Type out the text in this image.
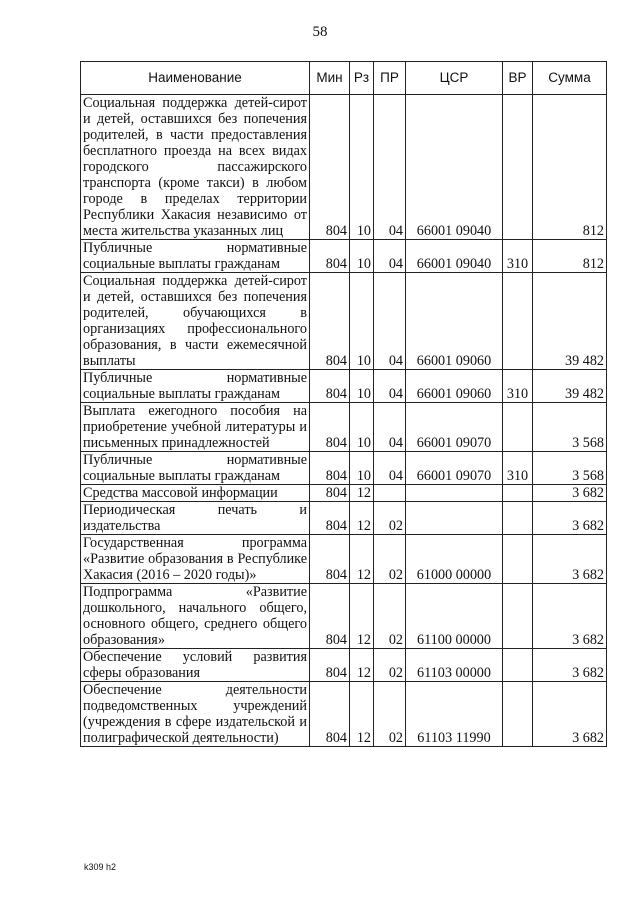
58
Наименование	Мин	Рз	ПР	ЦСР	ВР	Сумма
Социальная поддержка детей-сирот и детей, оставшихся без попечения родителей, в части предоставления бесплатного проезда на всех видах городского пассажирского транспорта (кроме такси) в любом городе в пределах территории Республики Хакасия независимо от места жительства указанных лиц	804	10	04	66001 09040		812
Публичные нормативные социальные выплаты гражданам	804	10	04	66001 09040	310	812
Социальная поддержка детей-сирот и детей, оставшихся без попечения родителей, обучающихся в организациях профессионального образования, в части ежемесячной выплаты	804	10	04	66001 09060		39 482
Публичные нормативные социальные выплаты гражданам	804	10	04	66001 09060	310	39 482
Выплата ежегодного пособия на приобретение учебной литературы и письменных принадлежностей	804	10	04	66001 09070		3 568
Публичные нормативные социальные выплаты гражданам	804	10	04	66001 09070	310	3 568
Средства массовой информации	804	12				3 682
Периодическая печать и издательства	804	12	02			3 682
Государственная программа «Развитие образования в Республике Хакасия (2016 – 2020 годы)»	804	12	02	61000 00000		3 682
Подпрограмма «Развитие дошкольного, начального общего, основного общего, среднего общего образования»	804	12	02	61100 00000		3 682
Обеспечение условий развития сферы образования	804	12	02	61103 00000		3 682
Обеспечение деятельности подведомственных учреждений (учреждения в сфере издательской и полиграфической деятельности)	804	12	02	61103 11990		3 682
k309 h2
